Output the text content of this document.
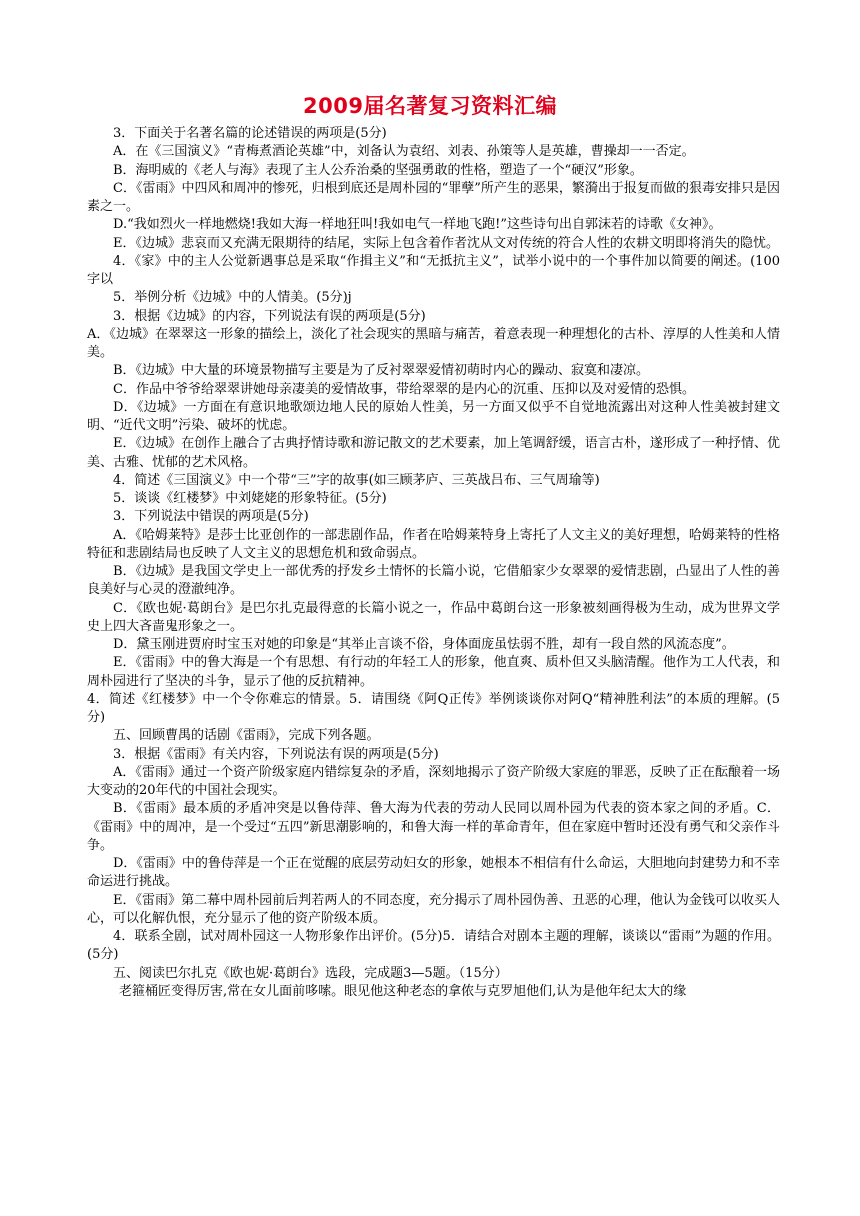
2009届名著复习资料汇编

3．下面关于名著名篇的论述错误的两项是(5分)

A．在《三国演义》“青梅煮酒论英雄”中，刘备认为袁绍、刘表、孙策等人是英雄，曹操却一一否定。

B．海明威的《老人与海》表现了主人公乔治桑的坚强勇敢的性格，塑造了一个“硬汉”形象。

C．《雷雨》中四风和周冲的惨死，归根到底还是周朴园的“罪孽”所产生的恶果，繁漪出于报复而做的狠毒安排只是因素之一。

D.“我如烈火一样地燃烧!我如大海一样地狂叫!我如电气一样地飞跑!”这些诗句出自郭沫若的诗歌《女神》。

E．《边城》悲哀而又充满无限期待的结尾，实际上包含着作者沈从文对传统的符合人性的农耕文明即将消失的隐忧。

4．《家》中的主人公觉新遇事总是采取“作揖主义”和“无抵抗主义”，试举小说中的一个事件加以简要的阐述。(100字以

5．举例分析《边城》中的人情美。(5分)j

3．根据《边城》的内容，下列说法有误的两项是(5分)

A．《边城》在翠翠这一形象的描绘上，淡化了社会现实的黑暗与痛苦，着意表现一种理想化的古朴、淳厚的人性美和人情美。

B．《边城》中大量的环境景物描写主要是为了反衬翠翠爱情初萌时内心的躁动、寂寞和凄凉。

C．作品中爷爷给翠翠讲她母亲凄美的爱情故事，带给翠翠的是内心的沉重、压抑以及对爱情的恐惧。

D．《边城》一方面在有意识地歌颂边地人民的原始人性美，另一方面又似乎不自觉地流露出对这种人性美被封建文明、“近代文明”污染、破坏的忧虑。

E．《边城》在创作上融合了古典抒情诗歌和游记散文的艺术要素，加上笔调舒缓，语言古朴，遂形成了一种抒情、优美、古雅、忧郁的艺术风格。

4．简述《三国演义》中一个带“三”字的故事(如三顾茅庐、三英战吕布、三气周瑜等)

5．谈谈《红楼梦》中刘姥姥的形象特征。(5分)

3．下列说法中错误的两项是(5分)

A．《哈姆莱特》是莎士比亚创作的一部悲剧作品，作者在哈姆莱特身上寄托了人文主义的美好理想，哈姆莱特的性格特征和悲剧结局也反映了人文主义的思想危机和致命弱点。

B．《边城》是我国文学史上一部优秀的抒发乡土情怀的长篇小说，它借船家少女翠翠的爱情悲剧，凸显出了人性的善良美好与心灵的澄澈纯净。

C．《欧也妮·葛朗台》是巴尔扎克最得意的长篇小说之一，作品中葛朗台这一形象被刻画得极为生动，成为世界文学史上四大吝啬鬼形象之一。

D．黛玉刚进贾府时宝玉对她的印象是“其举止言谈不俗，身体面庞虽怯弱不胜，却有一段自然的风流态度”。

E．《雷雨》中的鲁大海是一个有思想、有行动的年轻工人的形象，他直爽、质朴但又头脑清醒。他作为工人代表，和周朴园进行了坚决的斗争，显示了他的反抗精神。

4．简述《红楼梦》中一个令你难忘的情景。5．请围绕《阿Q正传》举例谈谈你对阿Q“精神胜利法”的本质的理解。(5分)

五、回顾曹禺的话剧《雷雨》，完成下列各题。

3．根据《雷雨》有关内容，下列说法有误的两项是(5分)

A．《雷雨》通过一个资产阶级家庭内错综复杂的矛盾，深刻地揭示了资产阶级大家庭的罪恶，反映了正在酝酿着一场大变动的20年代的中国社会现实。

B．《雷雨》最本质的矛盾冲突是以鲁侍萍、鲁大海为代表的劳动人民同以周朴园为代表的资本家之间的矛盾。C．《雷雨》中的周冲，是一个受过“五四”新思潮影响的，和鲁大海一样的革命青年，但在家庭中暂时还没有勇气和父亲作斗争。

D．《雷雨》中的鲁侍萍是一个正在觉醒的底层劳动妇女的形象，她根本不相信有什么命运，大胆地向封建势力和不幸命运进行挑战。

E．《雷雨》第二幕中周朴园前后判若两人的不同态度，充分揭示了周朴园伪善、丑恶的心理，他认为金钱可以收买人心，可以化解仇恨，充分显示了他的资产阶级本质。

4．联系全剧，试对周朴园这一人物形象作出评价。(5分)5．请结合对剧本主题的理解，谈谈以“雷雨”为题的作用。(5分)

五、阅读巴尔扎克《欧也妮·葛朗台》选段，完成题3—5题。（15分）

老箍桶匠变得厉害,常在女儿面前哆嗦。眼见他这种老态的拿侬与克罗旭他们,认为是他年纪太大的缘
